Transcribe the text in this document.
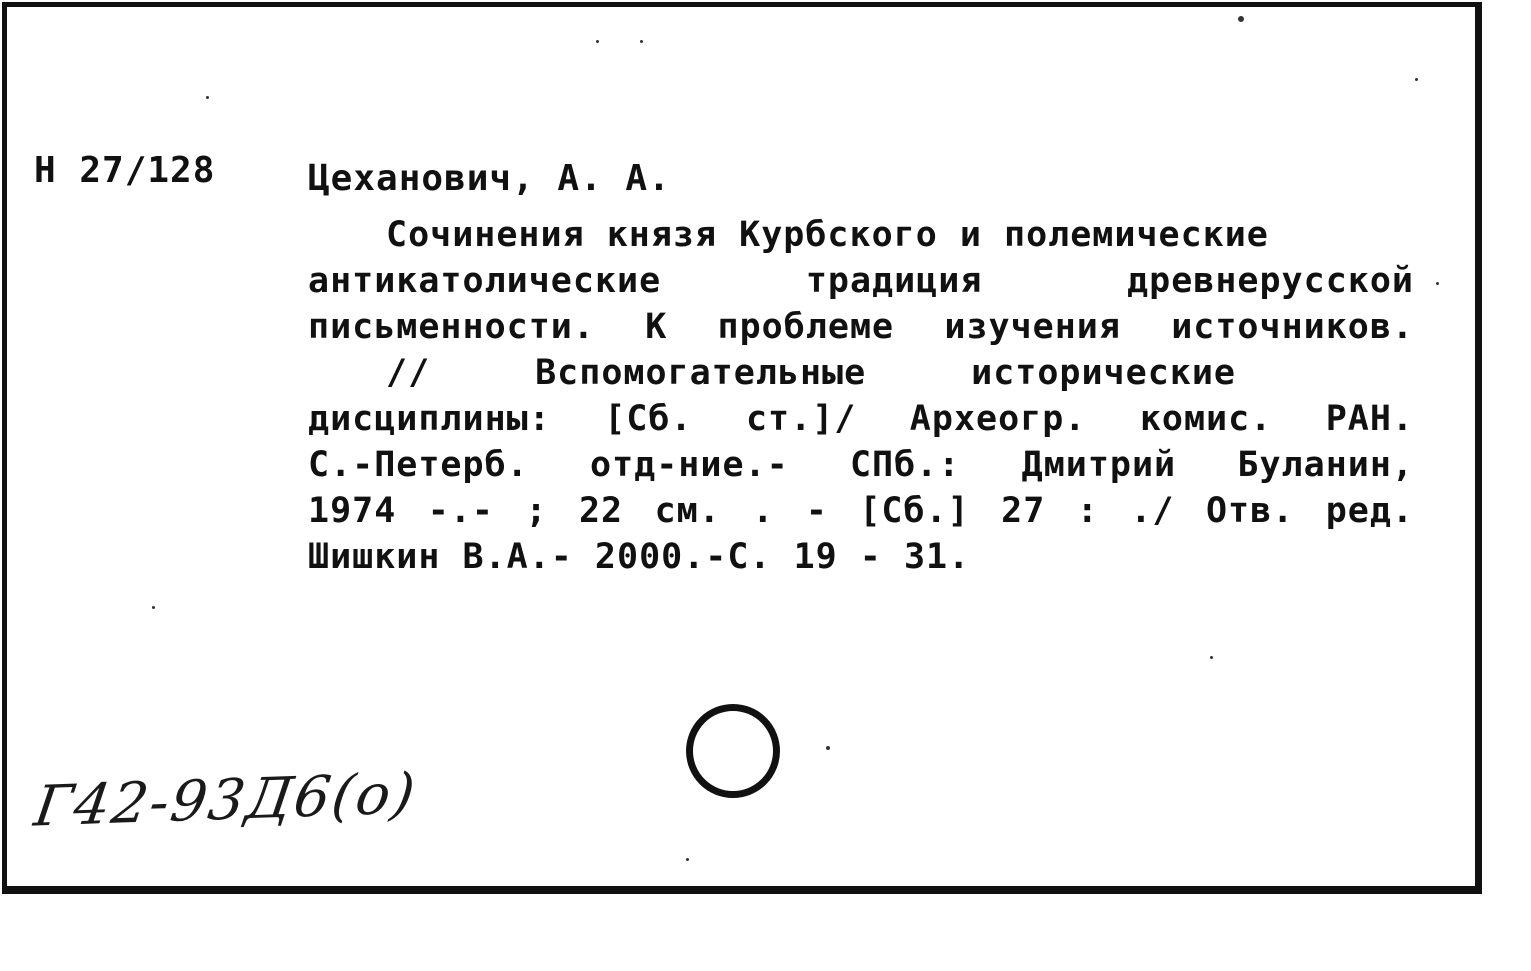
Н 27/128	Цеханович, А. А.
Сочинения князя Курбского и полемические
антикатолические традиция древнерусской
письменности. К проблеме изучения источников.
// Вспомогательные исторические
дисциплины: [Сб. ст.]/ Археогр. комис. РАН.
С.-Петерб. отд-ние.- СПб.: Дмитрий Буланин,
1974 -.- ; 22 см. . - [Сб.] 27 : ./ Отв. ред.
Шишкин В.А.- 2000.-С. 19 - 31.
Г42-93Д6(о)
